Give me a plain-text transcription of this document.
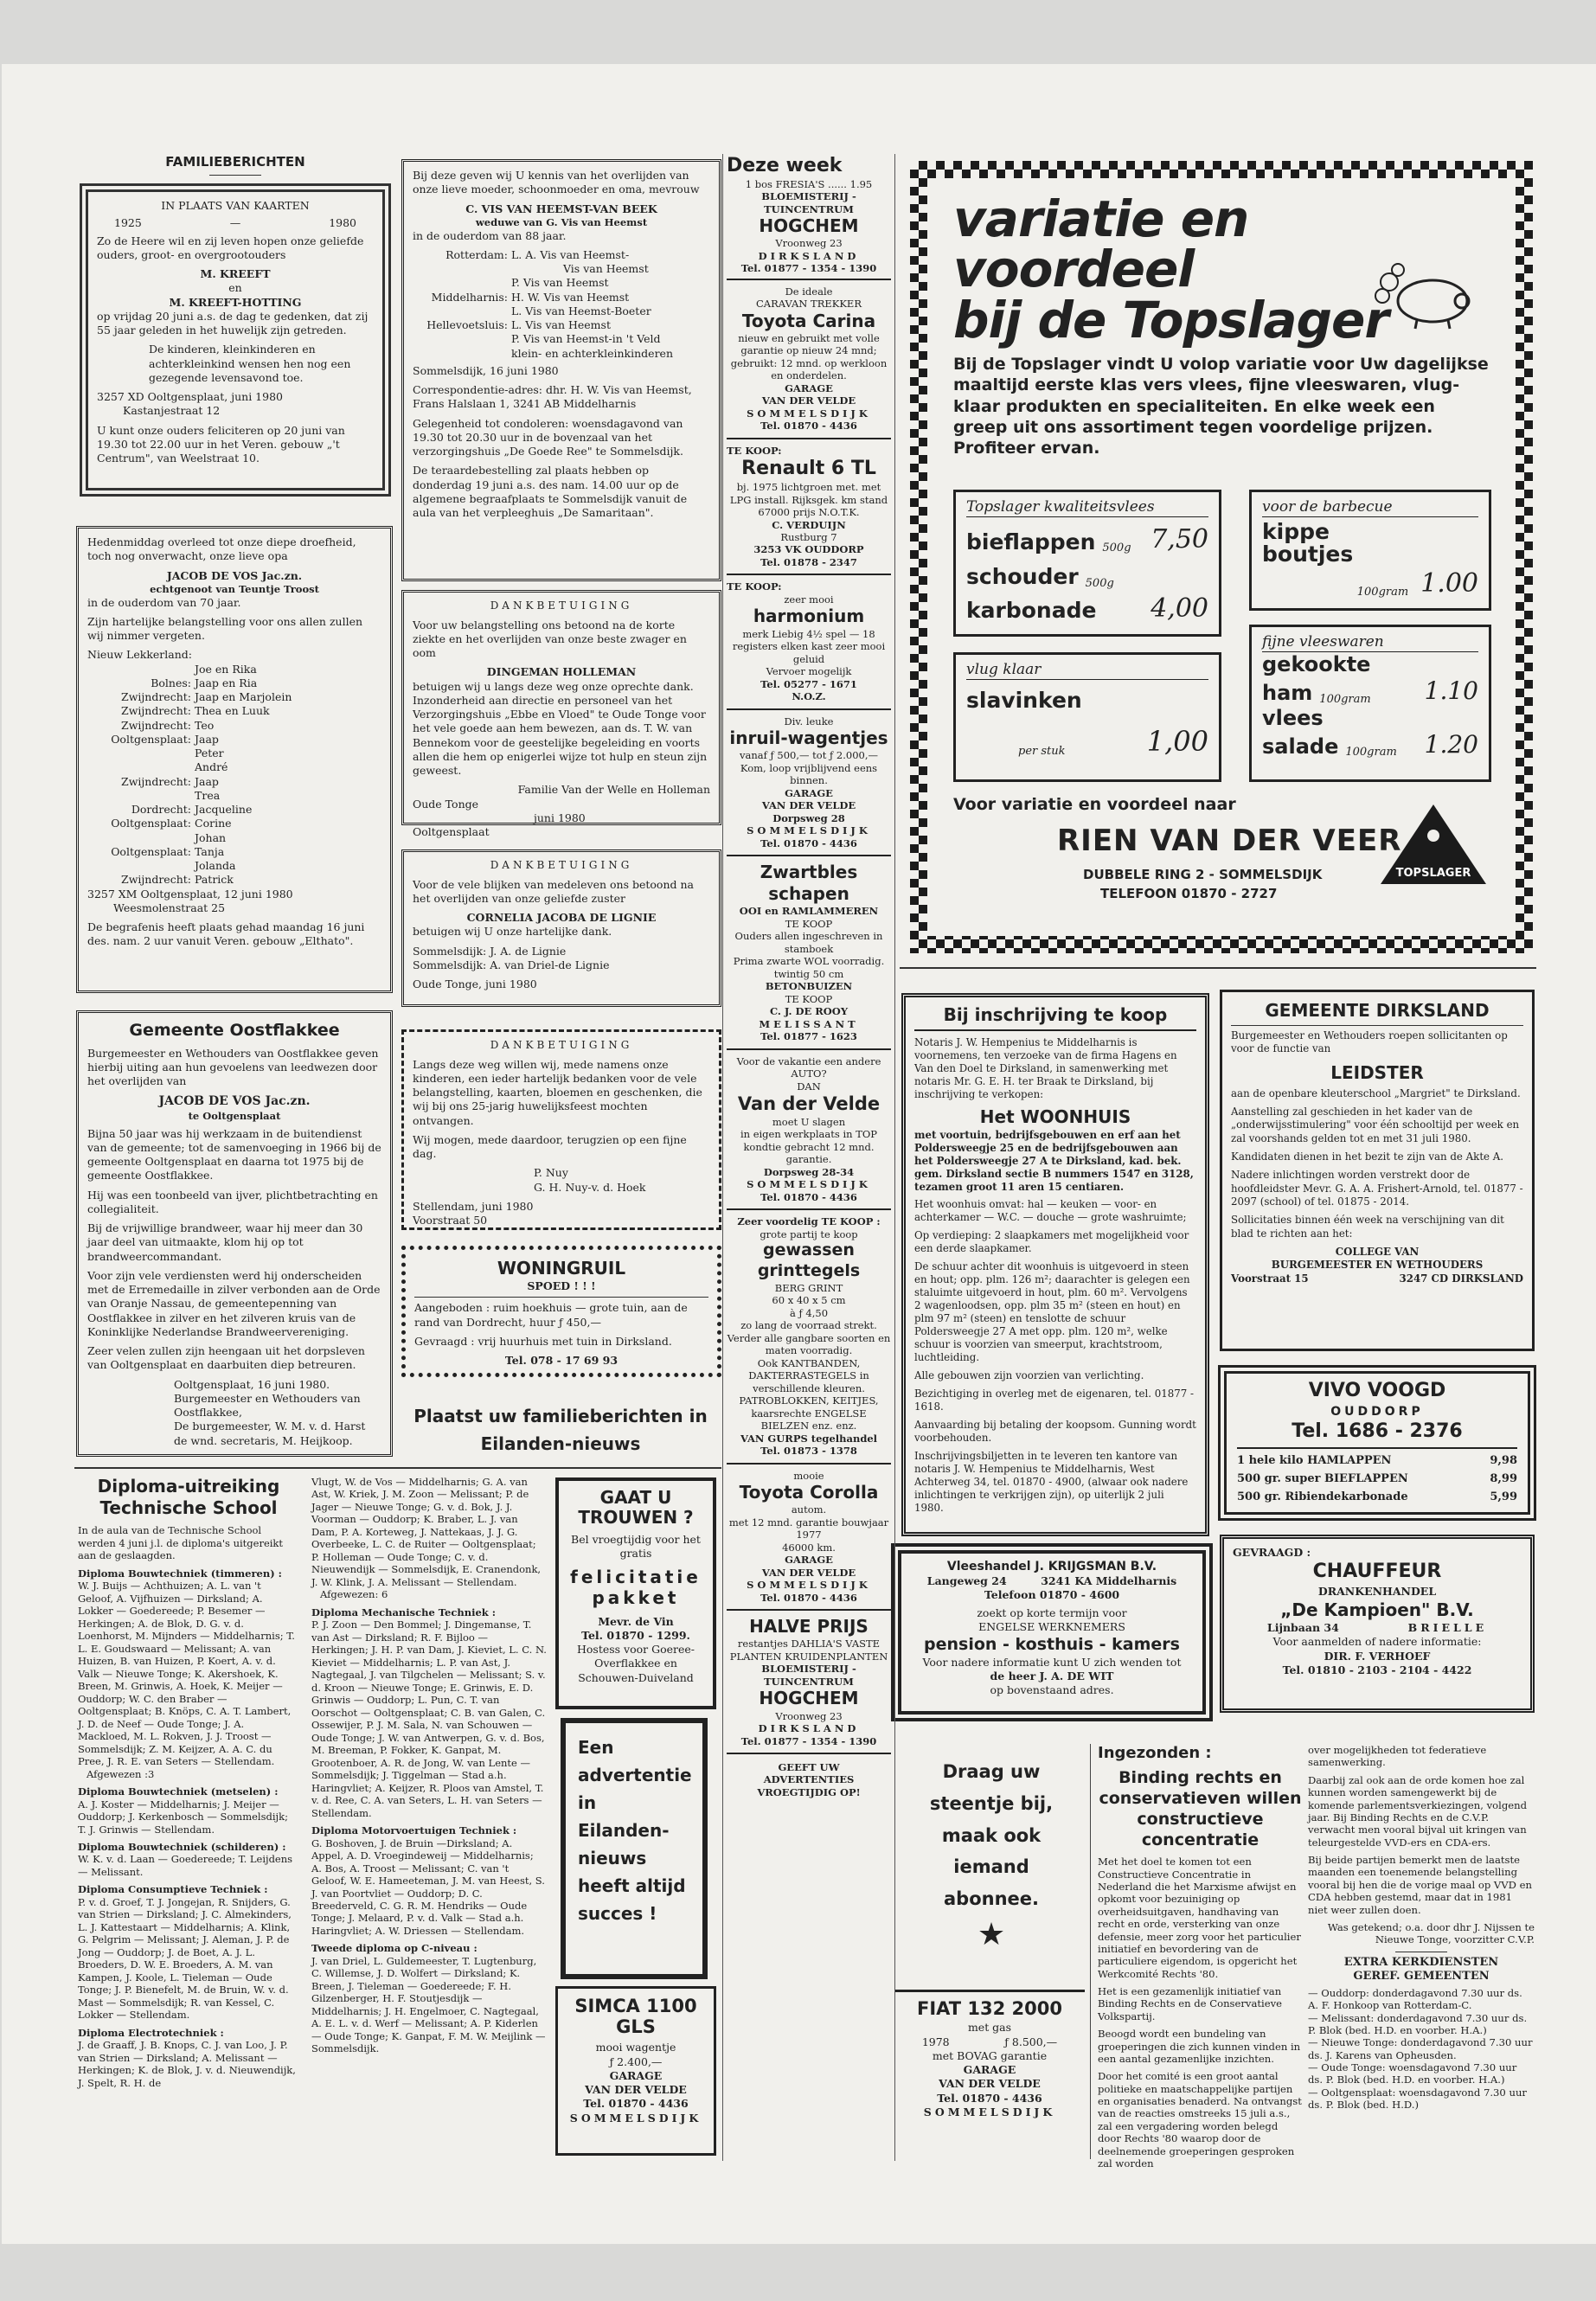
FAMILIEBERICHTEN
IN PLAATS VAN KAARTEN
1925	—	1980

Zo de Heere wil en zij leven hopen onze geliefde ouders, groot- en overgrootouders

M. KREEFT
en
M. KREEFT-HOTTING

op vrijdag 20 juni a.s. de dag te gedenken, dat zij 55 jaar geleden in het huwelijk zijn getreden.

De kinderen, kleinkinderen en achterkleinkind wensen hen nog een gezegende levensavond toe.

3257 XD Ooltgensplaat, juni 1980

Kastanjestraat 12

U kunt onze ouders feliciteren op 20 juni van 19.30 tot 22.00 uur in het Veren. gebouw „'t Centrum", van Weelstraat 10.

Hedenmiddag overleed tot onze diepe droefheid, toch nog onverwacht, onze lieve opa

JACOB DE VOS Jac.zn.
echtgenoot van Teuntje Troost

in de ouderdom van 70 jaar.

Zijn hartelijke belangstelling voor ons allen zullen wij nimmer vergeten.

Nieuw Lekkerland:
	Joe en Rika
Bolnes:	Jaap en Ria
Zwijndrecht:	Jaap en Marjolein
Zwijndrecht:	Thea en Luuk
Zwijndrecht:	Teo
Ooltgensplaat:	Jaap
	Peter
	André
Zwijndrecht:	Jaap
	Trea
Dordrecht:	Jacqueline
Ooltgensplaat:	Corine
	Johan
Ooltgensplaat:	Tanja
	Jolanda
Zwijndrecht:	Patrick
3257 XM Ooltgensplaat, 12 juni 1980

Weesmolenstraat 25

De begrafenis heeft plaats gehad maandag 16 juni des. nam. 2 uur vanuit Veren. gebouw „Elthato".

Gemeente Oostflakkee

Burgemeester en Wethouders van Oostflakkee geven hierbij uiting aan hun gevoelens van leedwezen door het overlijden van

JACOB DE VOS Jac.zn.
te Ooltgensplaat

Bijna 50 jaar was hij werkzaam in de buitendienst van de gemeente; tot de samenvoeging in 1966 bij de gemeente Ooltgensplaat en daarna tot 1975 bij de gemeente Oostflakkee.

Hij was een toonbeeld van ijver, plichtbetrachting en collegialiteit.

Bij de vrijwillige brandweer, waar hij meer dan 30 jaar deel van uitmaakte, klom hij op tot brandweercommandant.

Voor zijn vele verdiensten werd hij onderscheiden met de Erremedaille in zilver verbonden aan de Orde van Oranje Nassau, de gemeentepenning van Oostflakkee in zilver en het zilveren kruis van de Koninklijke Nederlandse Brandweervereniging.

Zeer velen zullen zijn heengaan uit het dorpsleven van Ooltgensplaat en daarbuiten diep betreuren.

Ooltgensplaat, 16 juni 1980.
Burgemeester en Wethouders van Oostflakkee,
De burgemeester, W. M. v. d. Harst
de wnd. secretaris, M. Heijkoop.

Bij deze geven wij U kennis van het overlijden van onze lieve moeder, schoonmoeder en oma, mevrouw

C. VIS VAN HEEMST-VAN BEEK
weduwe van G. Vis van Heemst

in de ouderdom van 88 jaar.

Rotterdam:	L. A. Vis van Heemst-
	Vis van Heemst
	P. Vis van Heemst
Middelharnis:	H. W. Vis van Heemst
	L. Vis van Heemst-Boeter
Hellevoetsluis:	L. Vis van Heemst
	P. Vis van Heemst-in 't Veld
	klein- en achterkleinkinderen

Sommelsdijk, 16 juni 1980

Correspondentie-adres: dhr. H. W. Vis van Heemst, Frans Halslaan 1, 3241 AB Middelharnis

Gelegenheid tot condoleren: woensdagavond van 19.30 tot 20.30 uur in de bovenzaal van het verzorgingshuis „De Goede Ree" te Sommelsdijk.

De teraardebestelling zal plaats hebben op donderdag 19 juni a.s. des nam. 14.00 uur op de algemene begraafplaats te Sommelsdijk vanuit de aula van het verpleeghuis „De Samaritaan".

DANKBETUIGING

Voor uw belangstelling ons betoond na de korte ziekte en het overlijden van onze beste zwager en oom

DINGEMAN HOLLEMAN

betuigen wij u langs deze weg onze oprechte dank. Inzonderheid aan directie en personeel van het Verzorgingshuis „Ebbe en Vloed" te Oude Tonge voor het vele goede aan hem bewezen, aan ds. T. W. van Bennekom voor de geestelijke begeleiding en voorts allen die hem op enigerlei wijze tot hulp en steun zijn geweest.

Familie Van der Welle en Holleman
Oude Tonge
juni 1980
Ooltgensplaat
DANKBETUIGING

Voor de vele blijken van medeleven ons betoond na het overlijden van onze geliefde zuster

CORNELIA JACOBA DE LIGNIE

betuigen wij U onze hartelijke dank.

Sommelsdijk: J. A. de Lignie

Sommelsdijk: A. van Driel-de Lignie

Oude Tonge, juni 1980
DANKBETUIGING

Langs deze weg willen wij, mede namens onze kinderen, een ieder hartelijk bedanken voor de vele belangstelling, kaarten, bloemen en geschenken, die wij bij ons 25-jarig huwelijksfeest mochten ontvangen.

Wij mogen, mede daardoor, terugzien op een fijne dag.

P. Nuy

G. H. Nuy-v. d. Hoek

Stellendam, juni 1980
Voorstraat 50
WONINGRUIL
SPOED ! ! !

Aangeboden : ruim hoekhuis — grote tuin, aan de rand van Dordrecht, huur ƒ 450,—

Gevraagd : vrij huurhuis met tuin in Dirksland.

Tel. 078 - 17 69 93
Plaatst uw familieberichten in
Eilanden-nieuws
Diploma-uitreiking
Technische School

In de aula van de Technische School werden 4 juni j.l. de diploma's uitgereikt aan de geslaagden.

Diploma Bouwtechniek (timmeren) :
W. J. Buijs — Achthuizen; A. L. van 't Geloof, A. Vijfhuizen — Dirksland; A. Lokker — Goedereede; P. Besemer — Herkingen; A. de Blok, D. G. v. d. Loenhorst, M. Mijnders — Middelharnis; T. L. E. Goudswaard — Melissant; A. van Huizen, B. van Huizen, P. Koert, A. v. d. Valk — Nieuwe Tonge; K. Akershoek, K. Breen, M. Grinwis, A. Hoek, K. Meijer — Ouddorp; W. C. den Braber — Ooltgensplaat; B. Knöps, C. A. T. Lambert, J. D. de Neef — Oude Tonge; J. A. Mackloed, M. L. Rokven, J. J. Troost — Sommelsdijk; Z. M. Keijzer, A. A. C. du Pree, J. R. E. van Seters — Stellendam.

Afgewezen :3

Diploma Bouwtechniek (metselen) :

A. J. Koster — Middelharnis; J. Meijer — Ouddorp; J. Kerkenbosch — Sommelsdijk; T. J. Grinwis — Stellendam.

Diploma Bouwtechniek (schilderen) :

W. K. v. d. Laan — Goedereede; T. Leijdens — Melissant.

Diploma Consumptieve Techniek :

P. v. d. Groef, T. J. Jongejan, R. Snijders, G. van Strien — Dirksland; J. C. Almekinders, L. J. Kattestaart — Middelharnis; A. Klink, G. Pelgrim — Melissant; J. Aleman, J. P. de Jong — Ouddorp; J. de Boet, A. J. L. Broeders, D. W. E. Broeders, A. M. van Kampen, J. Koole, L. Tieleman — Oude Tonge; J. P. Bienefelt, M. de Bruin, W. v. d. Mast — Sommelsdijk; R. van Kessel, C. Lokker — Stellendam.

Diploma Electrotechniek :
J. de Graaff, J. B. Knops, C. J. van Loo, J. P. van Strien — Dirksland; A. Melissant — Herkingen; K. de Blok, J. v. d. Nieuwendijk, J. Spelt, R. H. de
Vlugt, W. de Vos — Middelharnis; G. A. van Ast, W. Kriek, J. M. Zoon — Melissant; P. de Jager — Nieuwe Tonge; G. v. d. Bok, J. J. Voorman — Ouddorp; K. Braber, L. J. van Dam, P. A. Korteweg, J. Nattekaas, J. J. G. Overbeeke, L. C. de Ruiter — Ooltgensplaat; P. Holleman — Oude Tonge; C. v. d. Nieuwendijk — Sommelsdijk, E. Cranendonk, J. W. Klink, J. A. Melissant — Stellendam.

Afgewezen: 6

Diploma Mechanische Techniek :

P. J. Zoon — Den Bommel; J. Dingemanse, T. van Ast — Dirksland; R. F. Bijloo — Herkingen; J. H. P. van Dam, J. Kieviet, L. C. N. Kieviet — Middelharnis; L. P. van Ast, J. Nagtegaal, J. van Tilgchelen — Melissant; S. v. d. Kroon — Nieuwe Tonge; E. Grinwis, E. D. Grinwis — Ouddorp; L. Pun, C. T. van Oorschot — Ooltgensplaat; C. B. van Galen, C. Ossewijer, P. J. M. Sala, N. van Schouwen — Oude Tonge; J. W. van Antwerpen, G. v. d. Bos, M. Breeman, P. Fokker, K. Ganpat, M. Grootenboer, A. R. de Jong, W. van Lente — Sommelsdijk; J. Tiggelman — Stad a.h. Haringvliet; A. Keijzer, R. Ploos van Amstel, T. v. d. Ree, C. A. van Seters, L. H. van Seters — Stellendam.

Diploma Motorvoertuigen Techniek :

G. Boshoven, J. de Bruin —Dirksland; A. Appel, A. D. Vroegindeweij — Middelharnis; A. Bos, A. Troost — Melissant; C. van 't Geloof, W. E. Hameeteman, J. M. van Heest, S. J. van Poortvliet — Ouddorp; D. C. Breederveld, C. G. R. M. Hendriks — Oude Tonge; J. Melaard, P. v. d. Valk — Stad a.h. Haringvliet; A. W. Driessen — Stellendam.

Tweede diploma op C-niveau :
J. van Driel, L. Guldemeester, T. Lugtenburg, C. Willemse, J. D. Wolfert — Dirksland; K. Breen, J. Tieleman — Goedereede; F. H. Gilzenberger, H. F. Stoutjesdijk — Middelharnis; J. H. Engelmoer, C. Nagtegaal, A. E. L. v. d. Werf — Melissant; A. P. Kiderlen — Oude Tonge; K. Ganpat, F. M. W. Meijlink — Sommelsdijk.
GAAT U TROUWEN ?

Bel vroegtijdig voor het gratis

felicitatie pakket
Mevr. de Vin
Tel. 01870 - 1299.
Hostess voor Goeree-Overflakkee en Schouwen-Duiveland
Een advertentie in Eilanden-nieuws heeft altijd succes !
SIMCA 1100 GLS
mooi wagentje
ƒ 2.400,—
GARAGE
VAN DER VELDE
Tel. 01870 - 4436
SOMMELSDIJK
Deze week
1 bos FRESIA'S ...... 1.95
BLOEMISTERIJ -
TUINCENTRUM
HOGCHEM
Vroonweg 23
DIRKSLAND
Tel. 01877 - 1354 - 1390
De ideale
CARAVAN TREKKER
Toyota Carina
nieuw en gebruikt met volle garantie op nieuw 24 mnd; gebruikt: 12 mnd. op werkloon en onderdelen.
GARAGE
VAN DER VELDE
SOMMELSDIJK
Tel. 01870 - 4436
TE KOOP:
Renault 6 TL
bj. 1975 lichtgroen met. met LPG install. Rijksgek. km stand 67000 prijs N.O.T.K.
C. VERDUIJN
Rustburg 7
3253 VK OUDDORP
Tel. 01878 - 2347
TE KOOP:
zeer mooi
harmonium
merk Liebig 4½ spel — 18 registers elken kast zeer mooi geluid
Vervoer mogelijk
Tel. 05277 - 1671
N.O.Z.
Div. leuke
inruil-wagentjes
vanaf ƒ 500,— tot ƒ 2.000,—
Kom, loop vrijblijvend eens binnen.
GARAGE
VAN DER VELDE
Dorpsweg 28
SOMMELSDIJK
Tel. 01870 - 4436
Zwartbles schapen
OOI en RAMLAMMEREN
TE KOOP
Ouders allen ingeschreven in stamboek
Prima zwarte WOL voorradig.
twintig 50 cm
BETONBUIZEN
TE KOOP
C. J. DE ROOY
MELISSANT
Tel. 01877 - 1623
Voor de vakantie een andere AUTO?
DAN
Van der Velde
moet U slagen
in eigen werkplaats in TOP kondtie gebracht 12 mnd. garantie.
Dorpsweg 28-34
SOMMELSDIJK
Tel. 01870 - 4436
Zeer voordelig TE KOOP :
grote partij te koop
gewassen grinttegels
BERG GRINT
60 x 40 x 5 cm
à ƒ 4,50
zo lang de voorraad strekt.
Verder alle gangbare soorten en maten voorradig.
Ook KANTBANDEN, DAKTERRASTEGELS in verschillende kleuren. PATROBLOKKEN, KEITJES, kaarsrechte ENGELSE BIELZEN enz. enz.
VAN GURPS tegelhandel
Tel. 01873 - 1378
mooie
Toyota Corolla
autom.
met 12 mnd. garantie bouwjaar 1977
46000 km.
GARAGE
VAN DER VELDE
SOMMELSDIJK
Tel. 01870 - 4436
HALVE PRIJS
restantjes DAHLIA'S VASTE PLANTEN KRUIDENPLANTEN
BLOEMISTERIJ -
TUINCENTRUM
HOGCHEM
Vroonweg 23
DIRKSLAND
Tel. 01877 - 1354 - 1390
GEEFT UW
ADVERTENTIES
VROEGTIJDIG OP!
variatie en voordeel
bij de Topslager
Bij de Topslager vindt U volop variatie voor Uw dagelijkse maaltijd eerste klas vers vlees, fijne vleeswaren, vlug-klaar produkten en specialiteiten. En elke week een greep uit ons assortiment tegen voordelige prijzen. Profiteer ervan.
Topslager kwaliteitsvlees
bieflappen 500g 7,50
schouder 500g
karbonade 4,00
voor de barbecue
kippe
boutjes
100gram 1.00
vlug klaar
slavinken
per stuk	1,00
fijne vleeswaren
gekookte
ham 100gram 1.10
vlees
salade 100gram 1.20
Voor variatie en voordeel naar
RIEN VAN DER VEER
DUBBELE RING 2 - SOMMELSDIJK
TELEFOON 01870 - 2727
TOPSLAGER
Bij inschrijving te koop

Notaris J. W. Hempenius te Middelharnis is voornemens, ten verzoeke van de firma Hagens en Van den Doel te Dirksland, in samenwerking met notaris Mr. G. E. H. ter Braak te Dirksland, bij inschrijving te verkopen:

Het WOONHUIS

met voortuin, bedrijfsgebouwen en erf aan het Poldersweegje 25 en de bedrijfsgebouwen aan het Poldersweegje 27 A te Dirksland, kad. bek. gem. Dirksland sectie B nummers 1547 en 3128, tezamen groot 11 aren 15 centiaren.

Het woonhuis omvat: hal — keuken — voor- en achterkamer — W.C. — douche — grote washruimte;

Op verdieping: 2 slaapkamers met mogelijkheid voor een derde slaapkamer.

De schuur achter dit woonhuis is uitgevoerd in steen en hout; opp. plm. 126 m²; daarachter is gelegen een staluimte uitgevoerd in hout, plm. 60 m². Vervolgens 2 wagenloodsen, opp. plm 35 m² (steen en hout) en plm 97 m² (steen) en tenslotte de schuur Poldersweegje 27 A met opp. plm. 120 m², welke schuur is voorzien van smeerput, krachtstroom, luchtleiding.

Alle gebouwen zijn voorzien van verlichting.

Bezichtiging in overleg met de eigenaren, tel. 01877 - 1618.

Aanvaarding bij betaling der koopsom. Gunning wordt voorbehouden.

Inschrijvingsbiljetten in te leveren ten kantore van notaris J. W. Hempenius te Middelharnis, West Achterweg 34, tel. 01870 - 4900, (alwaar ook nadere inlichtingen te verkrijgen zijn), op uiterlijk 2 juli 1980.

GEMEENTE DIRKSLAND

Burgemeester en Wethouders roepen sollicitanten op voor de functie van

LEIDSTER

aan de openbare kleuterschool „Margriet" te Dirksland.

Aanstelling zal geschieden in het kader van de „onderwijsstimulering" voor één schooltijd per week en zal voorshands gelden tot en met 31 juli 1980.

Kandidaten dienen in het bezit te zijn van de Akte A.

Nadere inlichtingen worden verstrekt door de hoofdleidster Mevr. G. A. A. Frishert-Arnold, tel. 01877 - 2097 (school) of tel. 01875 - 2014.

Sollicitaties binnen één week na verschijning van dit blad te richten aan het:

COLLEGE VAN
BURGEMEESTER EN WETHOUDERS
Voorstraat 15	3247 CD DIRKSLAND
VIVO VOOGD
OUDDORP
Tel. 1686 - 2376
1 hele kilo HAMLAPPEN	9,98
500 gr. super BIEFLAPPEN	8,99
500 gr. Ribiendekarbonade	5,99
Vleeshandel J. KRIJGSMAN B.V.
Langeweg 24	3241 KA Middelharnis
Telefoon 01870 - 4600
zoekt op korte termijn voor
ENGELSE WERKNEMERS
pension - kosthuis - kamers
Voor nadere informatie kunt U zich wenden tot
de heer J. A. DE WIT
op bovenstaand adres.
GEVRAAGD :
CHAUFFEUR
DRANKENHANDEL
„De Kampioen" B.V.
Lijnbaan 34	BRIELLE
Voor aanmelden of nadere informatie:
DIR. F. VERHOEF
Tel. 01810 - 2103 - 2104 - 4422
Draag uw steentje bij, maak ook iemand abonnee.
★
FIAT 132 2000
met gas
1978	ƒ 8.500,—
met BOVAG garantie
GARAGE
VAN DER VELDE
Tel. 01870 - 4436
SOMMELSDIJK
Ingezonden :
Binding rechts en conservatieven willen constructieve concentratie

Met het doel te komen tot een Constructieve Concentratie in Nederland die het Marxisme afwijst en opkomt voor bezuiniging op overheidsuitgaven, handhaving van recht en orde, versterking van onze defensie, meer zorg voor het particulier initiatief en bevordering van de particuliere eigendom, is opgericht het Werkcomité Rechts '80.

Het is een gezamenlijk initiatief van Binding Rechts en de Conservatieve Volkspartij.

Beoogd wordt een bundeling van groeperingen die zich kunnen vinden in een aantal gezamenlijke inzichten.

Door het comité is een groot aantal politieke en maatschappelijke partijen en organisaties benaderd. Na ontvangst van de reacties omstreeks 15 juli a.s., zal een vergadering worden belegd door Rechts '80 waarop door de deelnemende groeperingen gesproken zal worden

over mogelijkheden tot federatieve samenwerking.

Daarbij zal ook aan de orde komen hoe zal kunnen worden samengewerkt bij de komende parlementsverkiezingen, volgend jaar. Bij Binding Rechts en de C.V.P. verwacht men vooral bijval uit kringen van teleurgestelde VVD-ers en CDA-ers.

Bij beide partijen bemerkt men de laatste maanden een toenemende belangstelling vooral bij hen die de vorige maal op VVD en CDA hebben gestemd, maar dat in 1981 niet weer zullen doen.

Was getekend; o.a. door dhr J. Nijssen te Nieuwe Tonge, voorzitter C.V.P.

EXTRA KERKDIENSTEN
GEREF. GEMEENTEN
— Ouddorp: donderdagavond 7.30 uur ds. A. F. Honkoop van Rotterdam-C.
— Melissant: donderdagavond 7.30 uur ds. P. Blok (bed. H.D. en voorber. H.A.)
— Nieuwe Tonge: donderdagavond 7.30 uur ds. J. Karens van Opheusden.
— Oude Tonge: woensdagavond 7.30 uur ds. P. Blok (bed. H.D. en voorber. H.A.)
— Ooltgensplaat: woensdagavond 7.30 uur ds. P. Blok (bed. H.D.)
